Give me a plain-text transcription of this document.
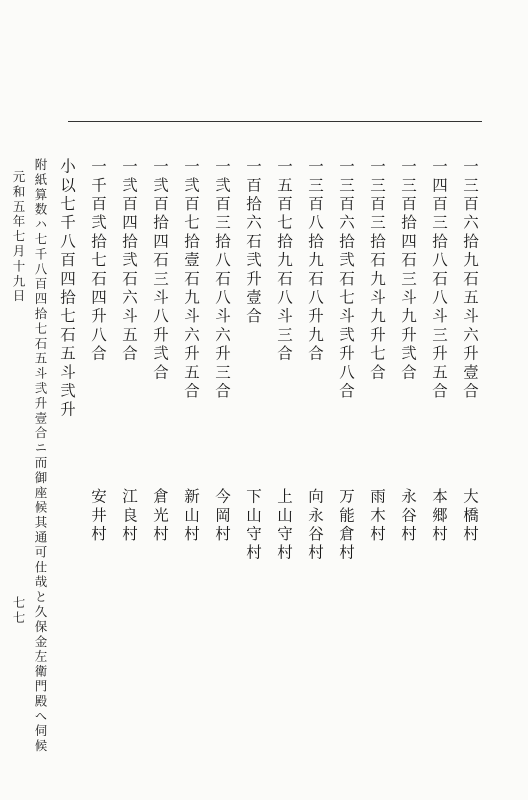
一三百六拾九石五斗六升壹合
一四百三拾八石八斗三升五合
一三百拾四石三斗九升弐合
一三百三拾石九斗九升七合
一三百六拾弐石七斗弐升八合
一三百八拾九石八升九合
一五百七拾九石八斗三合
一百拾六石弐升壹合
一弐百三拾八石八斗六升三合
一弐百七拾壹石九斗六升五合
一弐百拾四石三斗八升弐合
一弐百四拾弐石六斗五合
一千百弐拾七石四升八合
大橋村
本郷村
永谷村
雨木村
万能倉村
向永谷村
上山守村
下山守村
今岡村
新山村
倉光村
江良村
安井村
小以七千八百四拾七石五斗弐升
附紙算数ハ七千八百四拾七石五斗弐升壹合ニ而御座候其通可仕哉と久保金左衛門殿へ伺候
元和五年七月十九日
七七
